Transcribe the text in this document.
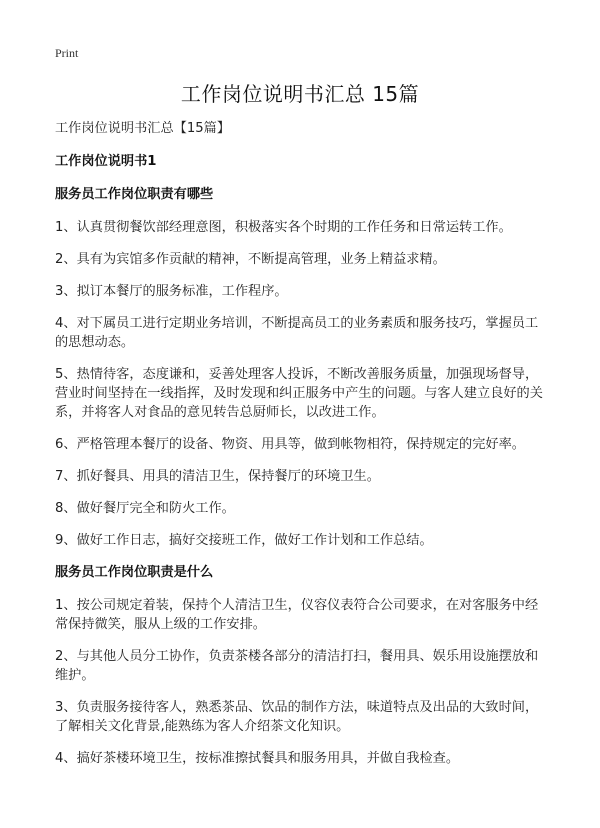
Print
工作岗位说明书汇总 15篇

工作岗位说明书汇总【15篇】

工作岗位说明书1

服务员工作岗位职责有哪些

1、认真贯彻餐饮部经理意图，积极落实各个时期的工作任务和日常运转工作。

2、具有为宾馆多作贡献的精神，不断提高管理，业务上精益求精。

3、拟订本餐厅的服务标准，工作程序。

4、对下属员工进行定期业务培训，不断提高员工的业务素质和服务技巧，掌握员工的思想动态。

5、热情待客，态度谦和，妥善处理客人投诉，不断改善服务质量，加强现场督导，营业时间坚持在一线指挥，及时发现和纠正服务中产生的问题。与客人建立良好的关系，并将客人对食品的意见转告总厨师长，以改进工作。

6、严格管理本餐厅的设备、物资、用具等，做到帐物相符，保持规定的完好率。

7、抓好餐具、用具的清洁卫生，保持餐厅的环境卫生。

8、做好餐厅完全和防火工作。

9、做好工作日志，搞好交接班工作，做好工作计划和工作总结。

服务员工作岗位职责是什么

1、按公司规定着装，保持个人清洁卫生，仪容仪表符合公司要求，在对客服务中经常保持微笑，服从上级的工作安排。

2、与其他人员分工协作，负责茶楼各部分的清洁打扫，餐用具、娱乐用设施摆放和维护。

3、负责服务接待客人，熟悉茶品、饮品的制作方法，味道特点及出品的大致时间，了解相关文化背景,能熟练为客人介绍茶文化知识。

4、搞好茶楼环境卫生，按标准擦拭餐具和服务用具，并做自我检查。
